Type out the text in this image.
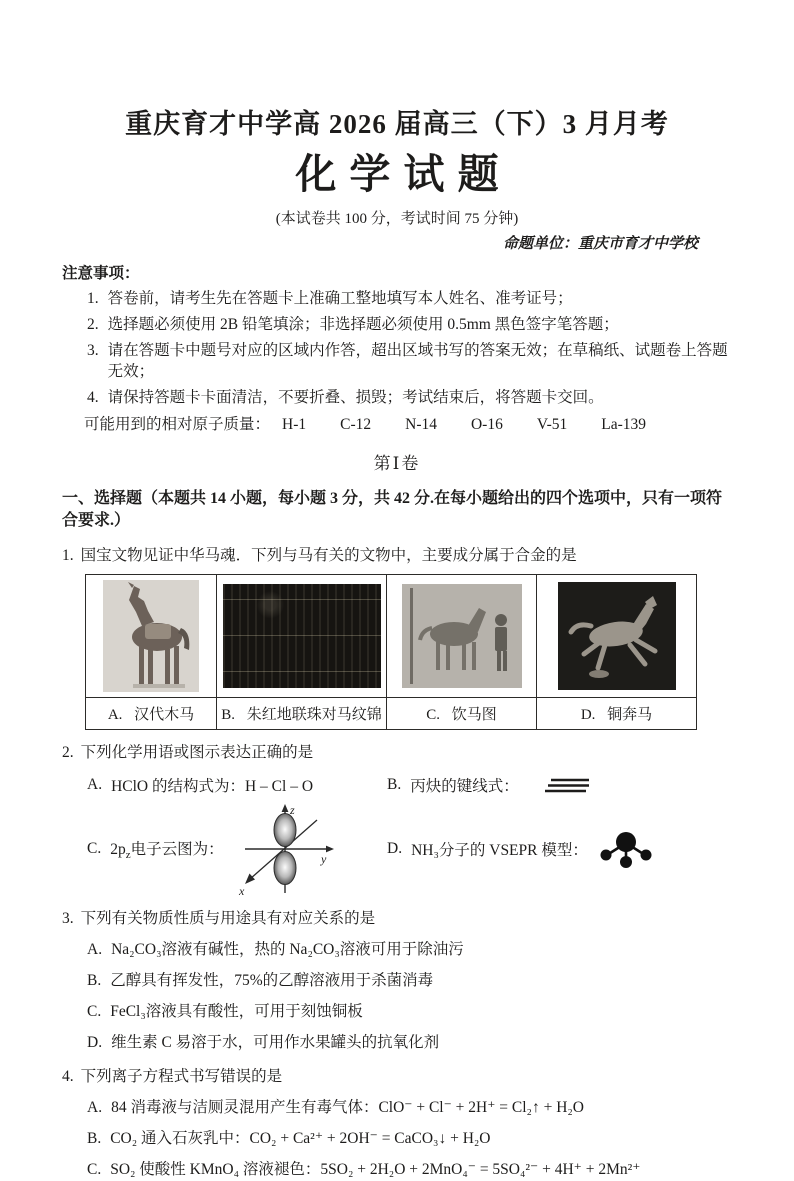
重庆育才中学高 2026 届高三（下）3 月月考
化学试题
(本试卷共 100 分，考试时间 75 分钟)
命题单位：重庆市育才中学校
注意事项：
1. 答卷前，请考生先在答题卡上准确工整地填写本人姓名、准考证号；
2. 选择题必须使用 2B 铅笔填涂；非选择题必须使用 0.5mm 黑色签字笔答题；
3. 请在答题卡中题号对应的区域内作答，超出区域书写的答案无效；在草稿纸、试题卷上答题无效；
4. 请保持答题卡卡面清洁，不要折叠、损毁；考试结束后，将答题卡交回。
可能用到的相对原子质量： H-1 C-12 N-14 O-16 V-51 La-139
第Ⅰ卷
一、选择题（本题共 14 小题，每小题 3 分，共 42 分.在每小题给出的四个选项中，只有一项符合要求.）
1. 国宝文物见证中华马魂．下列与马有关的文物中，主要成分属于合金的是

A. 汉代木马	B. 朱红地联珠对马纹锦	C. 饮马图	D. 铜奔马
2. 下列化学用语或图示表达正确的是
A. HClO 的结构式为：H – Cl – O	B. 丙炔的键线式：
C. $2p_z$电子云图为：
z
y
x
D. NH₃分子的 VSEPR 模型：
3. 下列有关物质性质与用途具有对应关系的是
A. Na₂CO₃溶液有碱性，热的 Na₂CO₃溶液可用于除油污
B. 乙醇具有挥发性，75%的乙醇溶液用于杀菌消毒
C. FeCl₃溶液具有酸性，可用于刻蚀铜板
D. 维生素 C 易溶于水，可用作水果罐头的抗氧化剂
4. 下列离子方程式书写错误的是
A. 84 消毒液与洁厕灵混用产生有毒气体：ClO⁻ + Cl⁻ + 2H⁺ = Cl₂↑ + H₂O
B. CO₂ 通入石灰乳中：CO₂ + Ca²⁺ + 2OH⁻ = CaCO₃↓ + H₂O
C. SO₂ 使酸性 KMnO₄ 溶液褪色：5SO₂ + 2H₂O + 2MnO₄⁻ = 5SO₄²⁻ + 4H⁺ + 2Mn²⁺
